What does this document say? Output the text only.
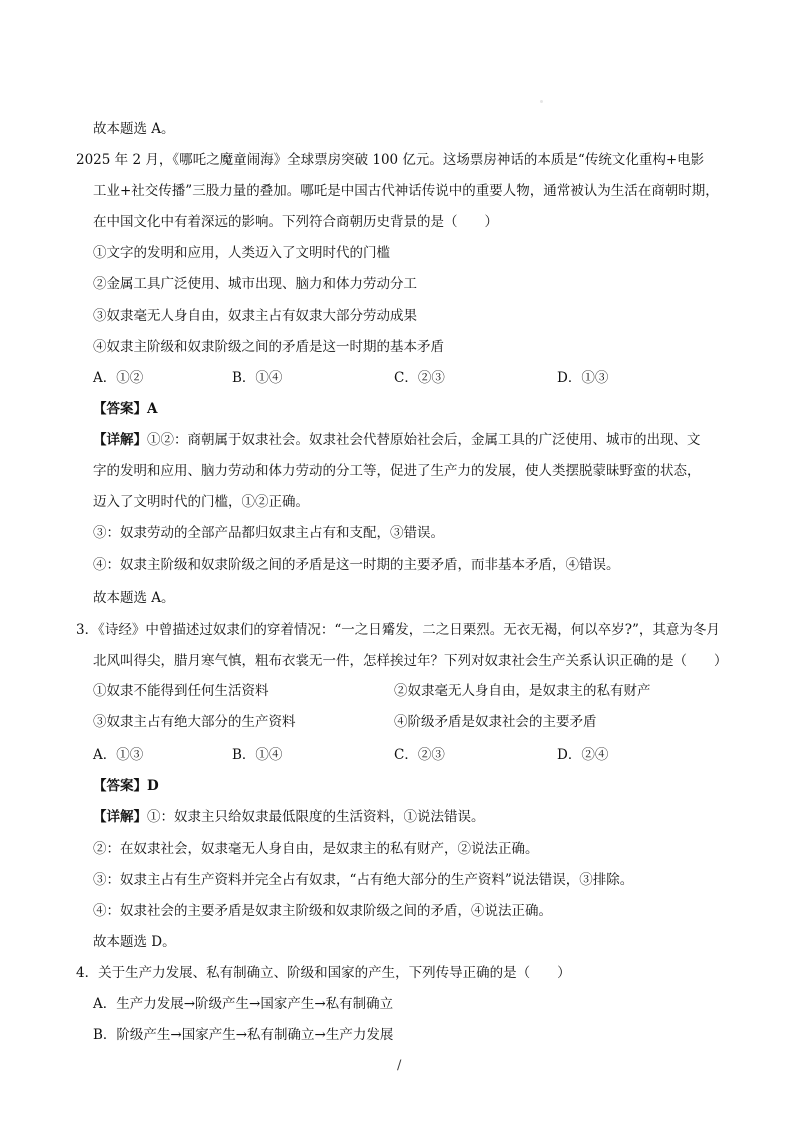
故本题选 A。
2025 年 2 月，《哪吒之魔童闹海》全球票房突破 100 亿元。这场票房神话的本质是“传统文化重构+电影
工业+社交传播”三股力量的叠加。哪吒是中国古代神话传说中的重要人物，通常被认为生活在商朝时期，
在中国文化中有着深远的影响。下列符合商朝历史背景的是（　　）
①文字的发明和应用，人类迈入了文明时代的门槛
②金属工具广泛使用、城市出现、脑力和体力劳动分工
③奴隶毫无人身自由，奴隶主占有奴隶大部分劳动成果
④奴隶主阶级和奴隶阶级之间的矛盾是这一时期的基本矛盾
A．①②	B．①④	C．②③	D．①③
【答案】A
【详解】①②：商朝属于奴隶社会。奴隶社会代替原始社会后，金属工具的广泛使用、城市的出现、文
字的发明和应用、脑力劳动和体力劳动的分工等，促进了生产力的发展，使人类摆脱蒙昧野蛮的状态，
迈入了文明时代的门槛，①②正确。
③：奴隶劳动的全部产品都归奴隶主占有和支配，③错误。
④：奴隶主阶级和奴隶阶级之间的矛盾是这一时期的主要矛盾，而非基本矛盾，④错误。
故本题选 A。
3．《诗经》中曾描述过奴隶们的穿着情况：“一之日觱发，二之日栗烈。无衣无褐，何以卒岁?”，其意为冬月
北风叫得尖，腊月寒气慎，粗布衣裳无一件，怎样挨过年？下列对奴隶社会生产关系认识正确的是（　　）
①奴隶不能得到任何生活资料	②奴隶毫无人身自由，是奴隶主的私有财产
③奴隶主占有绝大部分的生产资料	④阶级矛盾是奴隶社会的主要矛盾
A．①③	B．①④	C．②③	D．②④
【答案】D
【详解】①：奴隶主只给奴隶最低限度的生活资料，①说法错误。
②：在奴隶社会，奴隶毫无人身自由，是奴隶主的私有财产，②说法正确。
③：奴隶主占有生产资料并完全占有奴隶，“占有绝大部分的生产资料”说法错误，③排除。
④：奴隶社会的主要矛盾是奴隶主阶级和奴隶阶级之间的矛盾，④说法正确。
故本题选 D。
4．关于生产力发展、私有制确立、阶级和国家的产生，下列传导正确的是（　　）
A．生产力发展→阶级产生→国家产生→私有制确立
B．阶级产生→国家产生→私有制确立→生产力发展
/
